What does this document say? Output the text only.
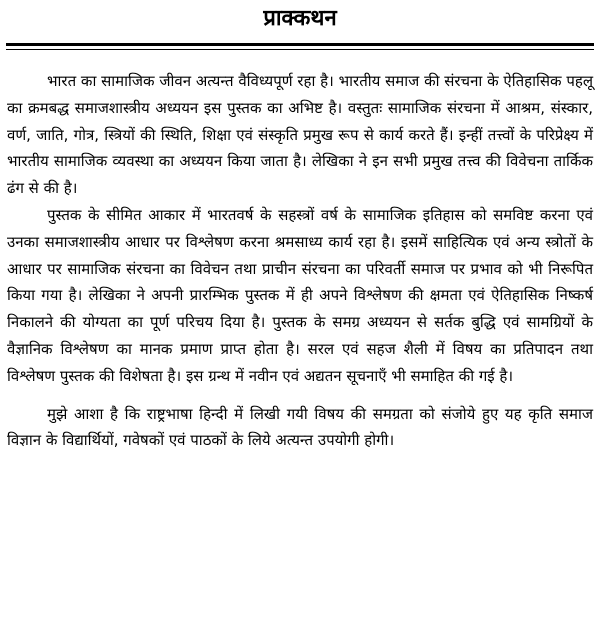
प्राक्कथन

भारत का सामाजिक जीवन अत्यन्त वैविध्यपूर्ण रहा है। भारतीय समाज की संरचना के ऐतिहासिक पहलू का क्रमबद्ध समाजशास्त्रीय अध्ययन इस पुस्तक का अभिष्ट है। वस्तुतः सामाजिक संरचना में आश्रम, संस्कार, वर्ण, जाति, गोत्र, स्त्रियों की स्थिति, शिक्षा एवं संस्कृति प्रमुख रूप से कार्य करते हैं। इन्हीं तत्त्वों के परिप्रेक्ष्य में भारतीय सामाजिक व्यवस्था का अध्ययन किया जाता है। लेखिका ने इन सभी प्रमुख तत्त्व की विवेचना तार्किक ढंग से की है।

पुस्तक के सीमित आकार में भारतवर्ष के सहस्त्रों वर्ष के सामाजिक इतिहास को समविष्ट करना एवं उनका समाजशास्त्रीय आधार पर विश्लेषण करना श्रमसाध्य कार्य रहा है। इसमें साहित्यिक एवं अन्य स्त्रोतों के आधार पर सामाजिक संरचना का विवेचन तथा प्राचीन संरचना का परिवर्ती समाज पर प्रभाव को भी निरूपित किया गया है। लेखिका ने अपनी प्रारम्भिक पुस्तक में ही अपने विश्लेषण की क्षमता एवं ऐतिहासिक निष्कर्ष निकालने की योग्यता का पूर्ण परिचय दिया है। पुस्तक के समग्र अध्ययन से सर्तक बुद्धि एवं सामग्रियों के वैज्ञानिक विश्लेषण का मानक प्रमाण प्राप्त होता है। सरल एवं सहज शैली में विषय का प्रतिपादन तथा विश्लेषण पुस्तक की विशेषता है। इस ग्रन्थ में नवीन एवं अद्यतन सूचनाएँ भी समाहित की गई है।

मुझे आशा है कि राष्ट्रभाषा हिन्दी में लिखी गयी विषय की समग्रता को संजोये हुए यह कृति समाज विज्ञान के विद्यार्थियों, गवेषकों एवं पाठकों के लिये अत्यन्त उपयोगी होगी।
